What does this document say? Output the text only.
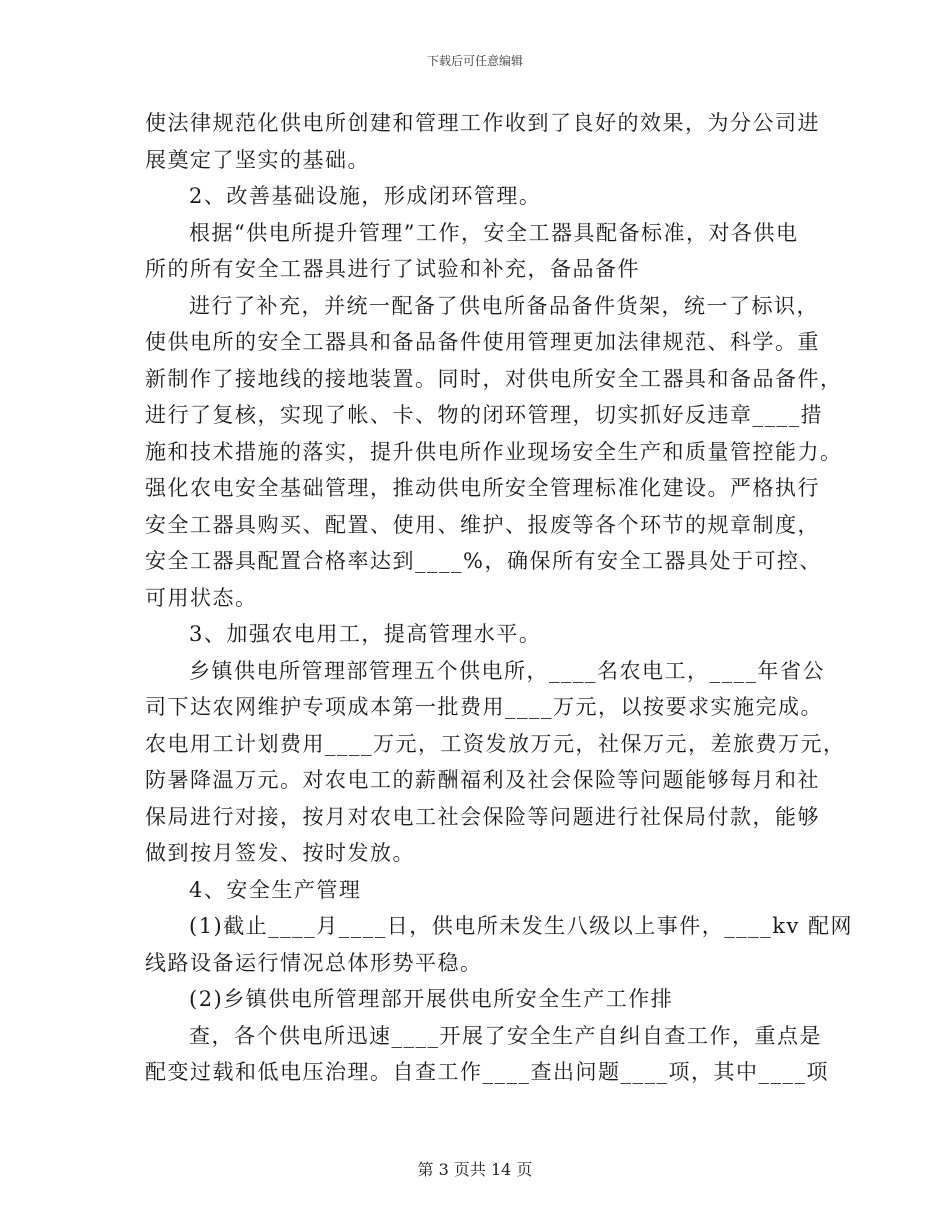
下载后可任意编辑
使法律规范化供电所创建和管理工作收到了良好的效果，为分公司进
展奠定了坚实的基础。
2、改善基础设施，形成闭环管理。
根据“供电所提升管理”工作，安全工器具配备标准，对各供电
所的所有安全工器具进行了试验和补充，备品备件
进行了补充，并统一配备了供电所备品备件货架，统一了标识，
使供电所的安全工器具和备品备件使用管理更加法律规范、科学。重
新制作了接地线的接地装置。同时，对供电所安全工器具和备品备件，
进行了复核，实现了帐、卡、物的闭环管理，切实抓好反违章____措
施和技术措施的落实，提升供电所作业现场安全生产和质量管控能力。
强化农电安全基础管理，推动供电所安全管理标准化建设。严格执行
安全工器具购买、配置、使用、维护、报废等各个环节的规章制度，
安全工器具配置合格率达到____%，确保所有安全工器具处于可控、
可用状态。
3、加强农电用工，提高管理水平。
乡镇供电所管理部管理五个供电所，____名农电工，____年省公
司下达农网维护专项成本第一批费用____万元，以按要求实施完成。
农电用工计划费用____万元，工资发放万元，社保万元，差旅费万元，
防暑降温万元。对农电工的薪酬福利及社会保险等问题能够每月和社
保局进行对接，按月对农电工社会保险等问题进行社保局付款，能够
做到按月签发、按时发放。
4、安全生产管理
(1)截止____月____日，供电所未发生八级以上事件，____kv 配网
线路设备运行情况总体形势平稳。
(2)乡镇供电所管理部开展供电所安全生产工作排
查，各个供电所迅速____开展了安全生产自纠自查工作，重点是
配变过载和低电压治理。自查工作____查出问题____项，其中____项
第 3 页共 14 页
